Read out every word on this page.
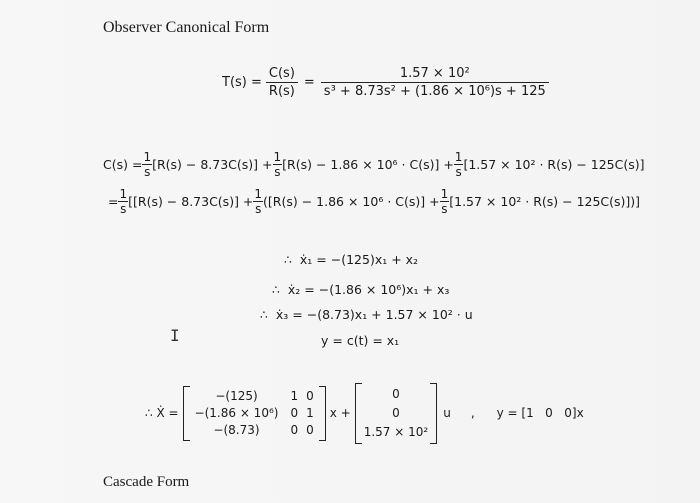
Observer Canonical Form
$T(s) = \frac{C(s)}{R(s)} = \frac{\text{1.57 × 10²}}{\text{s³ + 8.73s² + (1.86 × 10⁶)s + 125}}$
$C(s) = \frac{1}{s} [R(s) - 8.73C(s)] + \frac{1}{s} [R(s) - 1.86 \times 10^6 \cdot C(s)] + \frac{1}{s} [1.57 \times 10^2 \cdot R(s) - 125C(s)]$
= $\frac{1}{s} [[R(s) - 8.73C(s)] + \frac{1}{s} ([R(s) - 1.86 \times 10^6 \cdot C(s)] + \frac{1}{s} [1.57 \times 10^2 \cdot R(s) - 125C(s)])]$
∴ ẋ₁ = −(125)x₁ + x₂
∴ ẋ₂ = −(1.86 × 10⁶)x₁ + x₃
∴ ẋ₃ = −(8.73)x₁ + 1.57 × 10² · u
y = c(t) = x₁
I
∴ Ẋ =
−(125)	1	0
−(1.86 × 10⁶)	0	1
−(8.73)	0	0
x +
0
0
1.57 × 10²
u , y = [1   0   0]x
Cascade Form
